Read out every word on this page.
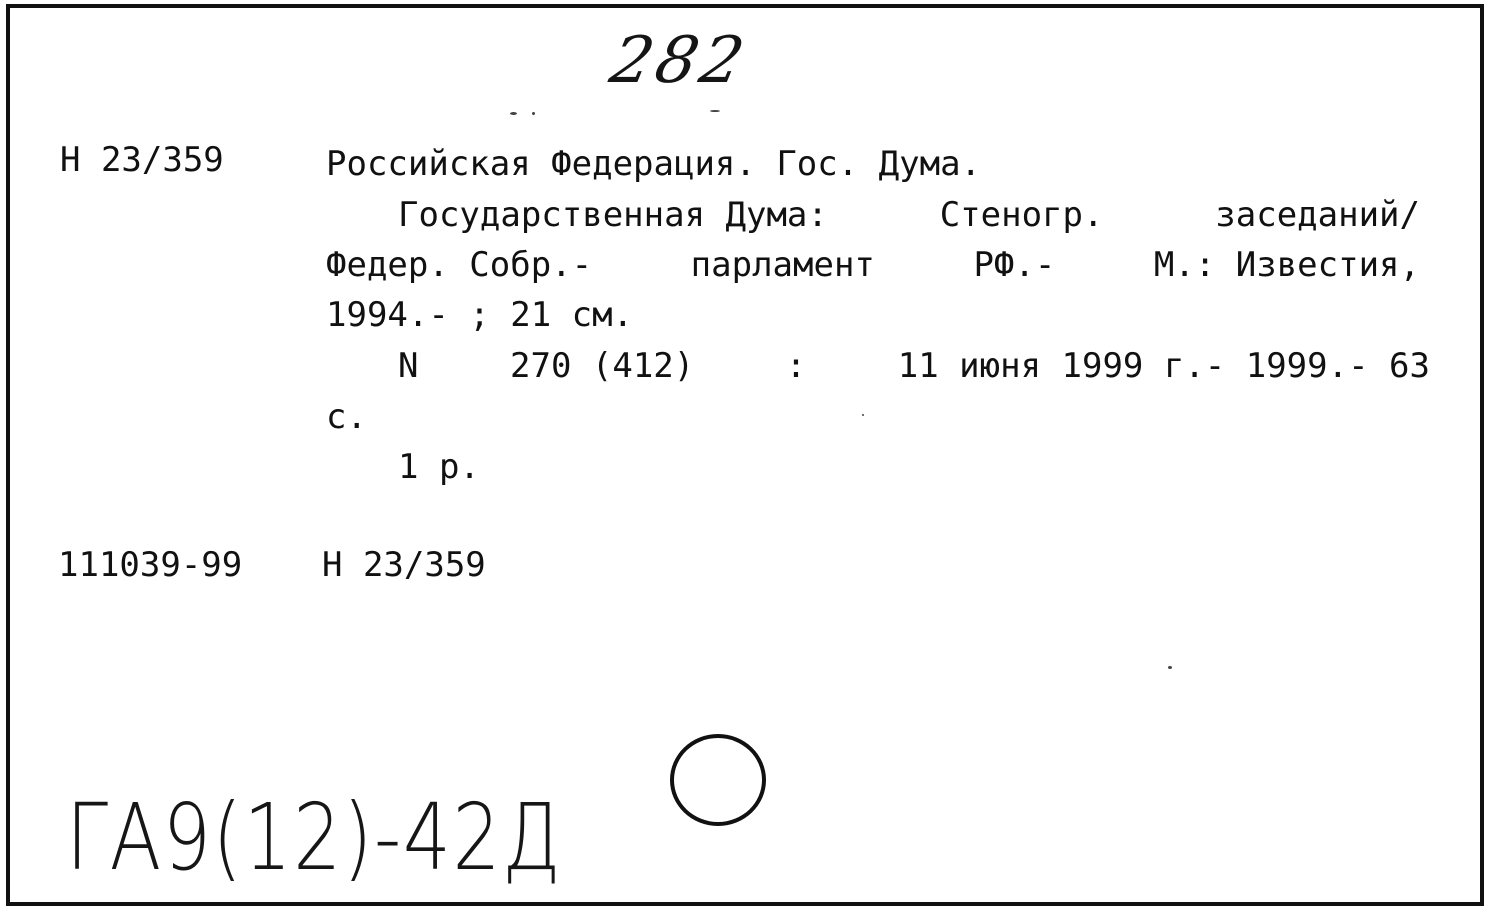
282
Н 23/359	Российская Федерация. Гос. Дума.
Государственная Дума:	Стеногр.	заседаний/
Федер. Собр.-	парламент	РФ.-	М.: Известия,
1994.- ; 21 см.
N	270 (412)	:	11 июня 1999 г.- 1999.- 63
с.
1 р.
111039-99 Н 23/359
ГА9(12)-42Д
